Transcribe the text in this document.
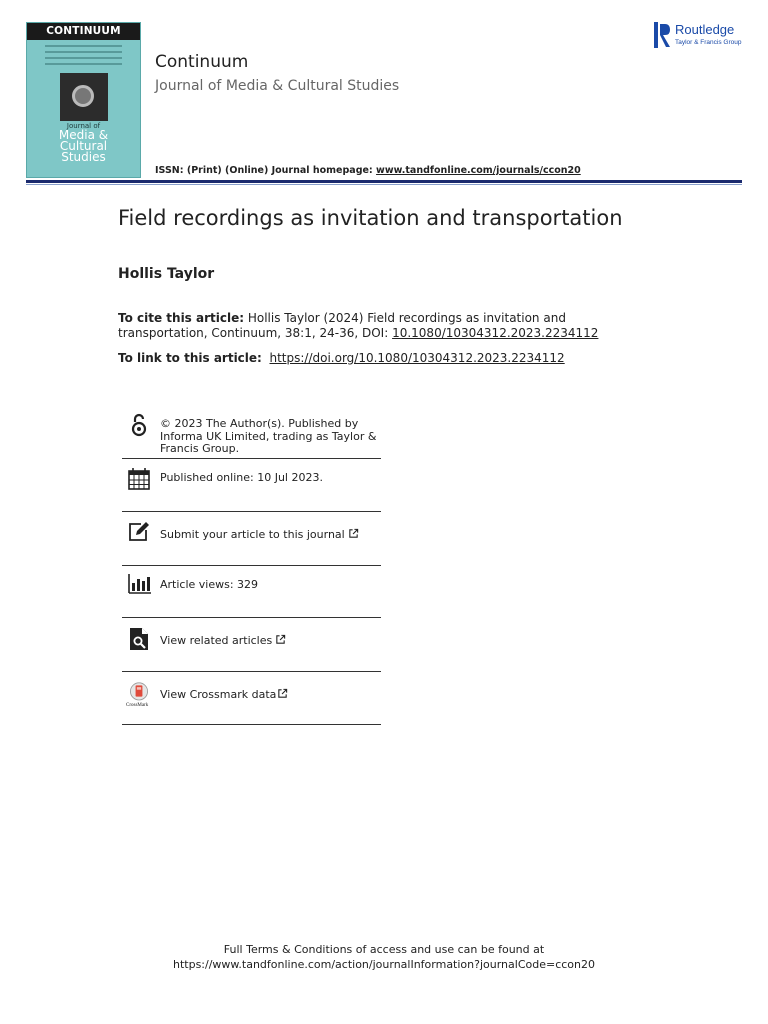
CONTINUUM
Journal of
Media &
Cultural
Studies
Continuum
Journal of Media & Cultural Studies
ISSN: (Print) (Online) Journal homepage: www.tandfonline.com/journals/ccon20
Routledge
Taylor & Francis Group
Field recordings as invitation and transportation
Hollis Taylor
To cite this article: Hollis Taylor (2024) Field recordings as invitation and transportation, Continuum, 38:1, 24-36, DOI: 10.1080/10304312.2023.2234112
To link to this article: https://doi.org/10.1080/10304312.2023.2234112
© 2023 The Author(s). Published by Informa UK Limited, trading as Taylor & Francis Group.
Published online: 10 Jul 2023.
Submit your article to this journal
Article views: 329
View related articles
CrossMark
View Crossmark data
Full Terms & Conditions of access and use can be found at
https://www.tandfonline.com/action/journalInformation?journalCode=ccon20
